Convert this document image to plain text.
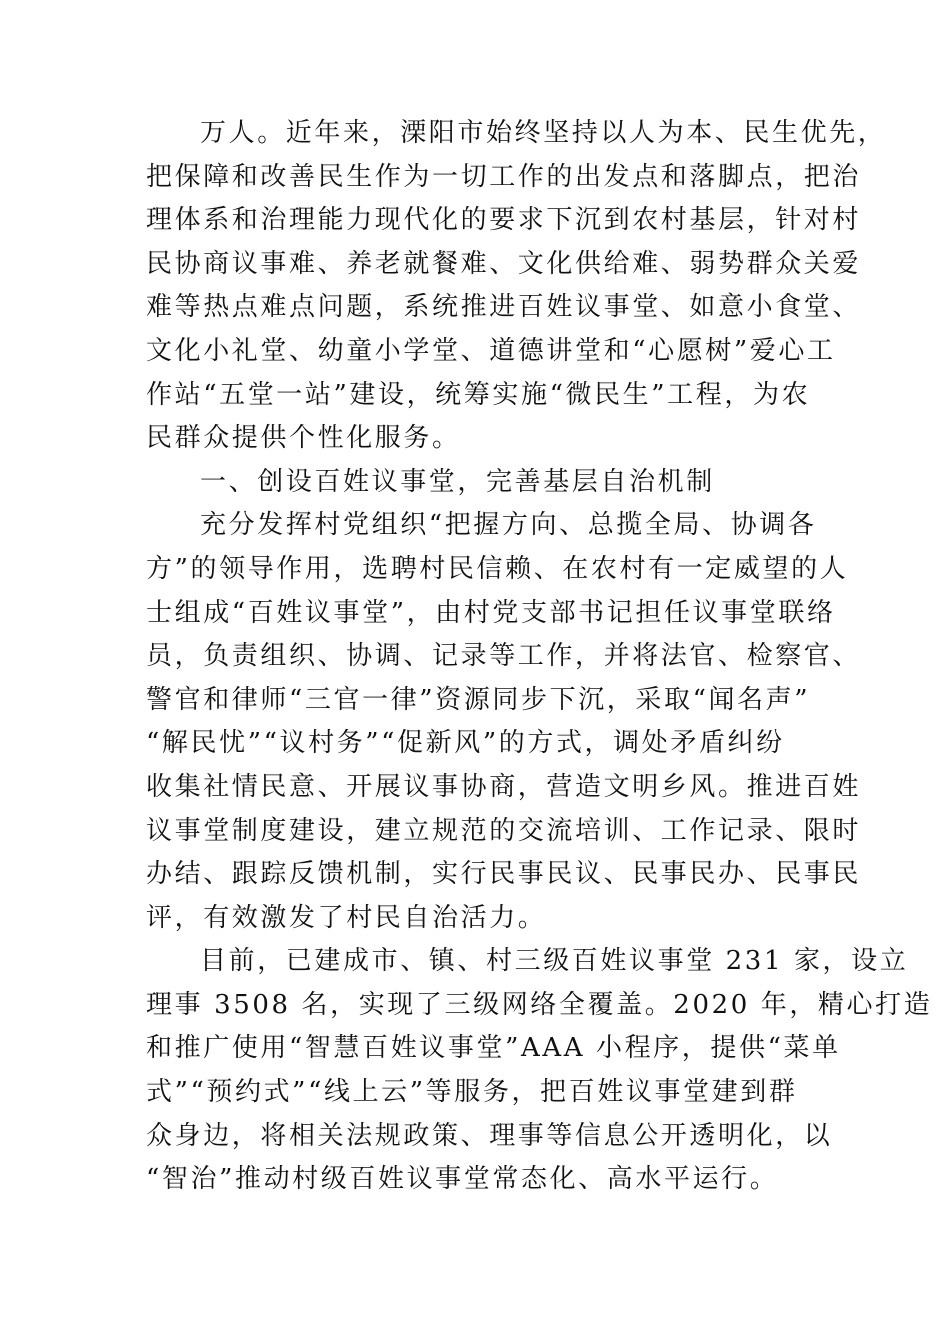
万人。近年来，溧阳市始终坚持以人为本、民生优先，
把保障和改善民生作为一切工作的出发点和落脚点，把治
理体系和治理能力现代化的要求下沉到农村基层，针对村
民协商议事难、养老就餐难、文化供给难、弱势群众关爱
难等热点难点问题，系统推进百姓议事堂、如意小食堂、
文化小礼堂、幼童小学堂、道德讲堂和“心愿树”爱心工
作站“五堂一站”建设，统筹实施“微民生”工程，为农
民群众提供个性化服务。
一、创设百姓议事堂，完善基层自治机制
充分发挥村党组织“把握方向、总揽全局、协调各
方”的领导作用，选聘村民信赖、在农村有一定威望的人
士组成“百姓议事堂”，由村党支部书记担任议事堂联络
员，负责组织、协调、记录等工作，并将法官、检察官、
警官和律师“三官一律”资源同步下沉，采取“闻名声”
“解民忧”“议村务”“促新风”的方式，调处矛盾纠纷
收集社情民意、开展议事协商，营造文明乡风。推进百姓
议事堂制度建设，建立规范的交流培训、工作记录、限时
办结、跟踪反馈机制，实行民事民议、民事民办、民事民
评，有效激发了村民自治活力。
目前，已建成市、镇、村三级百姓议事堂 231 家，设立
理事 3508 名，实现了三级网络全覆盖。2020 年，精心打造
和推广使用“智慧百姓议事堂”AAA 小程序，提供“菜单
式”“预约式”“线上云”等服务，把百姓议事堂建到群
众身边，将相关法规政策、理事等信息公开透明化，以
“智治”推动村级百姓议事堂常态化、高水平运行。
